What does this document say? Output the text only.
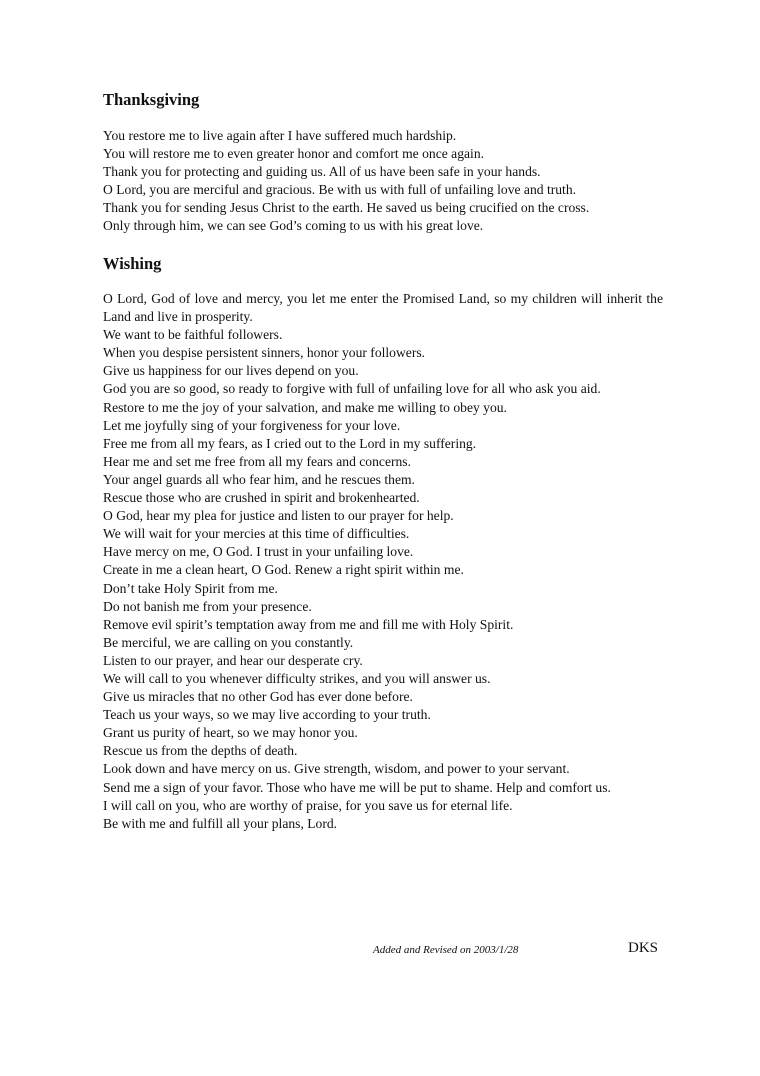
Thanksgiving
You restore me to live again after I have suffered much hardship.
You will restore me to even greater honor and comfort me once again.
Thank you for protecting and guiding us. All of us have been safe in your hands.
O Lord, you are merciful and gracious. Be with us with full of unfailing love and truth.
Thank you for sending Jesus Christ to the earth. He saved us being crucified on the cross.
Only through him, we can see God’s coming to us with his great love.
Wishing
O Lord, God of love and mercy, you let me enter the Promised Land, so my children will inherit the Land and live in prosperity.
We want to be faithful followers.
When you despise persistent sinners, honor your followers.
Give us happiness for our lives depend on you.
God you are so good, so ready to forgive with full of unfailing love for all who ask you aid.
Restore to me the joy of your salvation, and make me willing to obey you.
Let me joyfully sing of your forgiveness for your love.
Free me from all my fears, as I cried out to the Lord in my suffering.
Hear me and set me free from all my fears and concerns.
Your angel guards all who fear him, and he rescues them.
Rescue those who are crushed in spirit and brokenhearted.
O God, hear my plea for justice and listen to our prayer for help.
We will wait for your mercies at this time of difficulties.
Have mercy on me, O God. I trust in your unfailing love.
Create in me a clean heart, O God. Renew a right spirit within me.
Don’t take Holy Spirit from me.
Do not banish me from your presence.
Remove evil spirit’s temptation away from me and fill me with Holy Spirit.
Be merciful, we are calling on you constantly.
Listen to our prayer, and hear our desperate cry.
We will call to you whenever difficulty strikes, and you will answer us.
Give us miracles that no other God has ever done before.
Teach us your ways, so we may live according to your truth.
Grant us purity of heart, so we may honor you.
Rescue us from the depths of death.
Look down and have mercy on us. Give strength, wisdom, and power to your servant.
Send me a sign of your favor. Those who have me will be put to shame. Help and comfort us.
I will call on you, who are worthy of praise, for you save us for eternal life.
Be with me and fulfill all your plans, Lord.
Added and Revised on 2003/1/28	DKS
